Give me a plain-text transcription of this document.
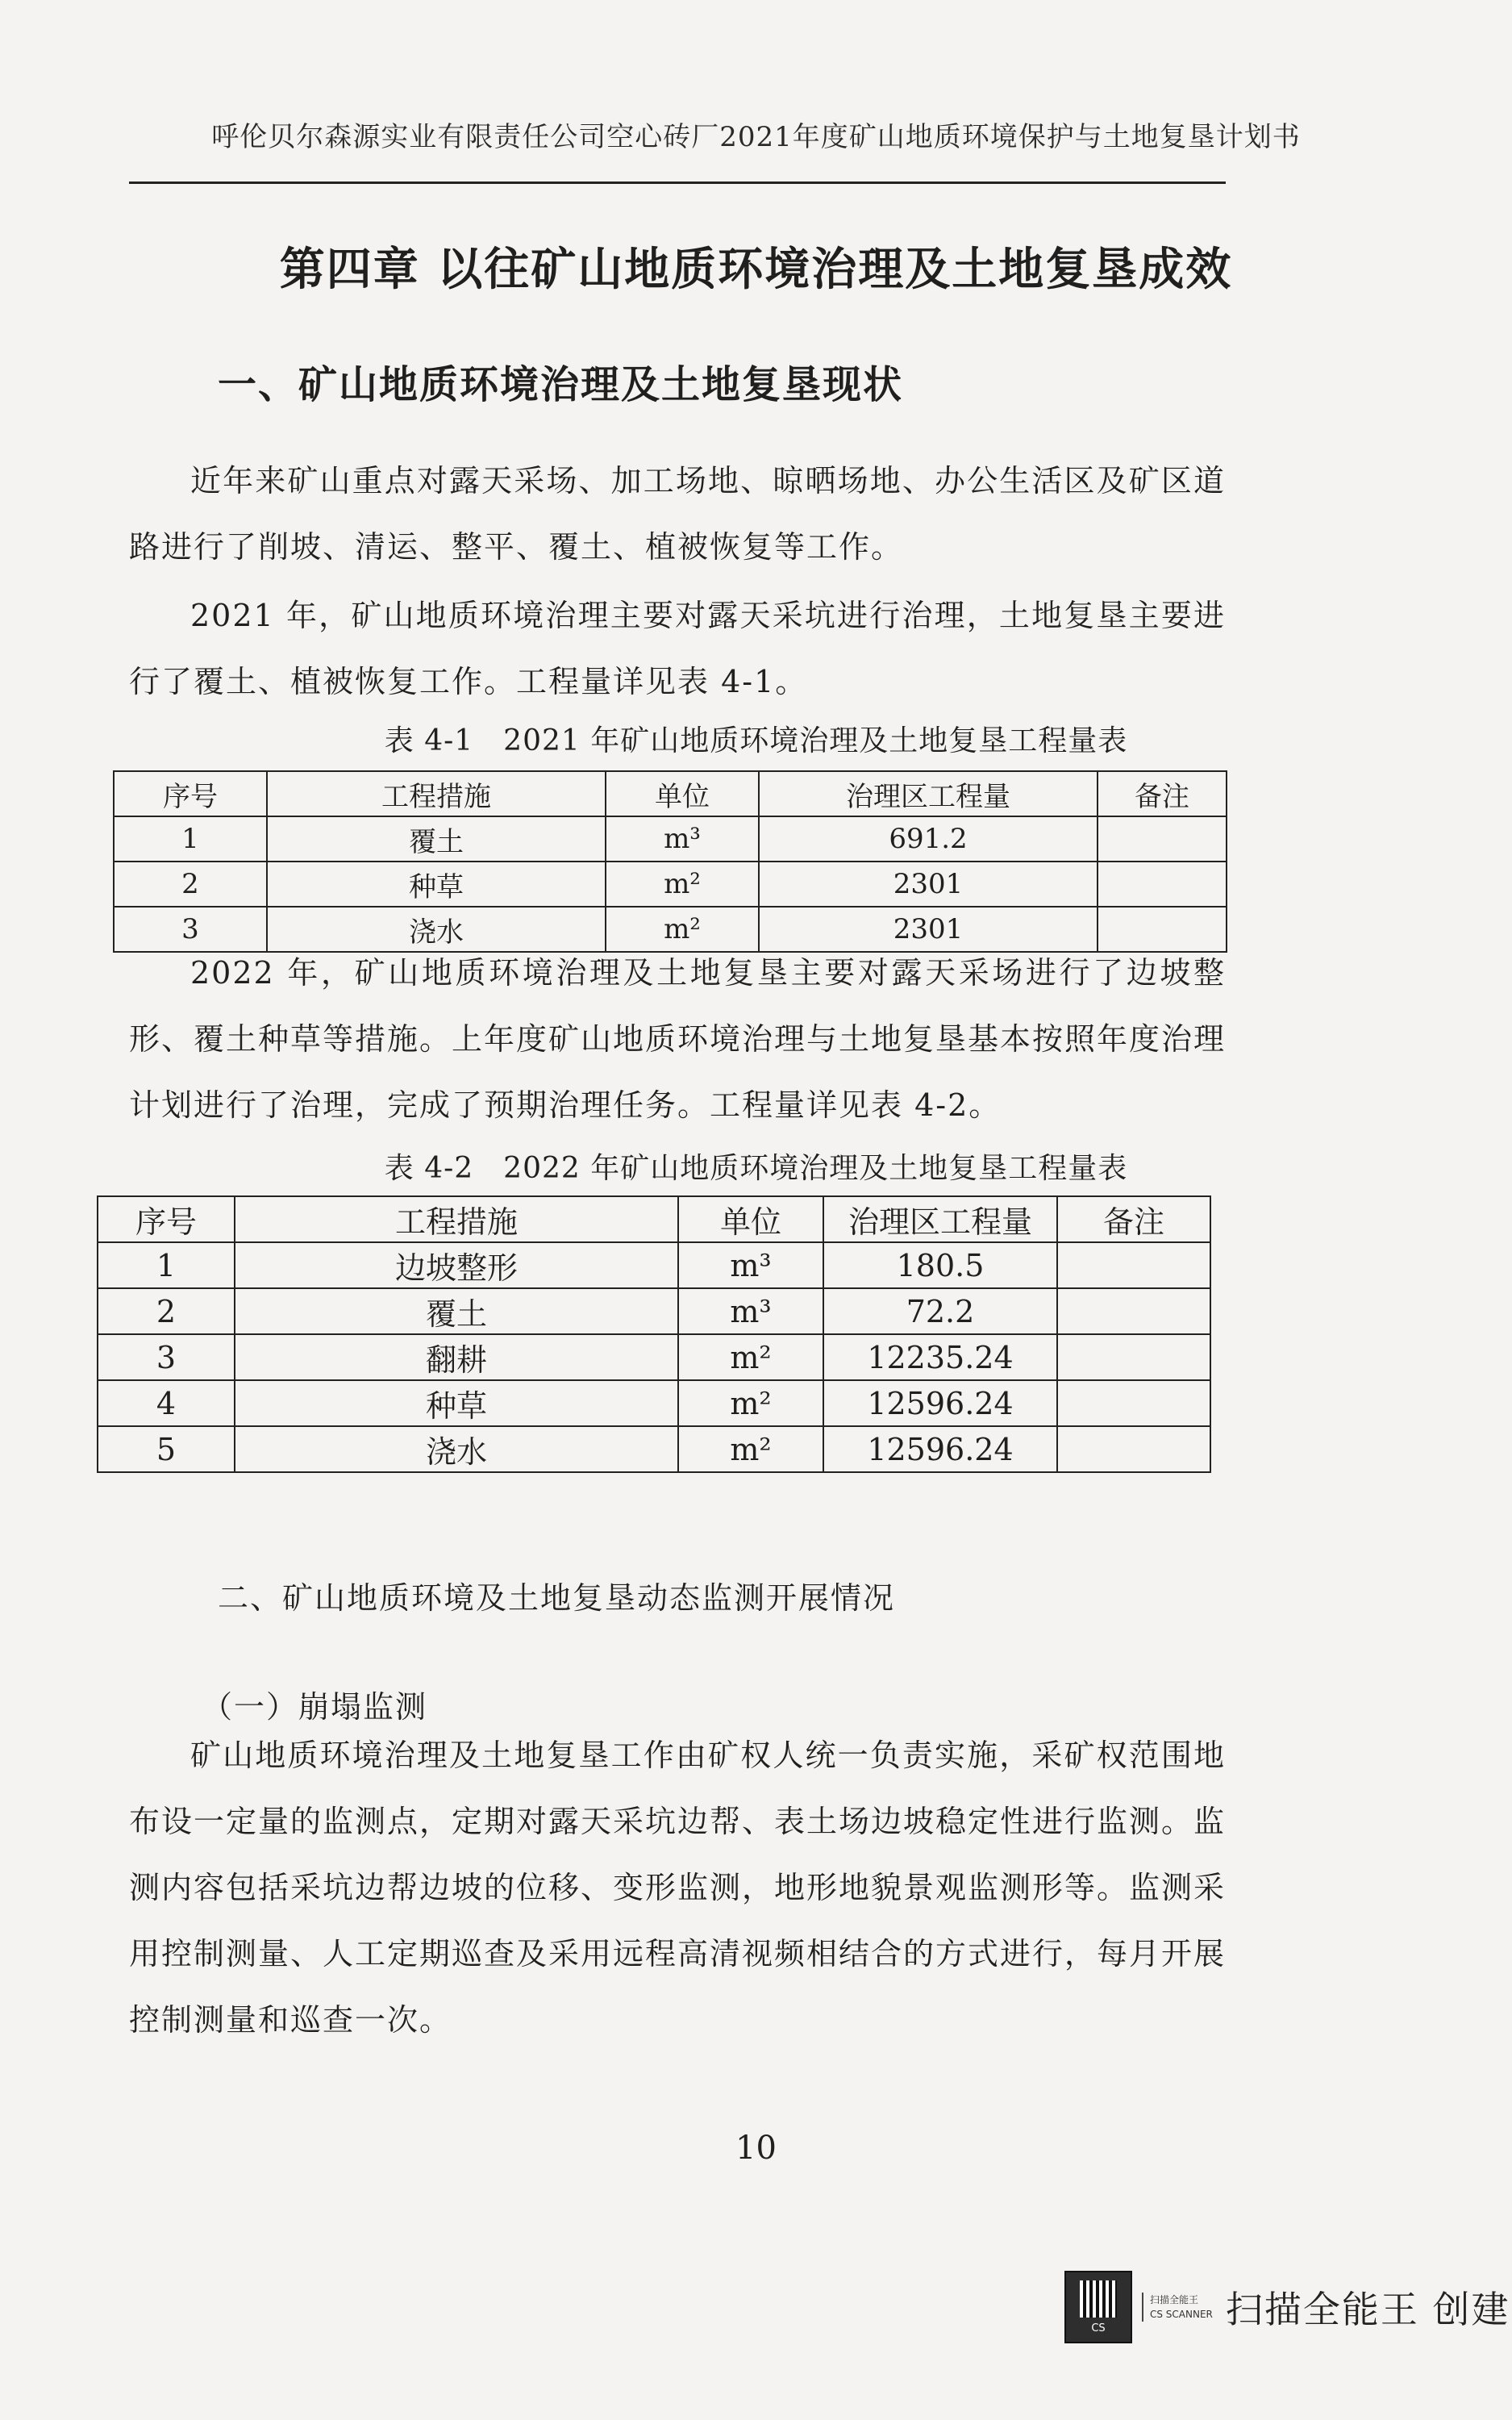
呼伦贝尔森源实业有限责任公司空心砖厂2021年度矿山地质环境保护与土地复垦计划书
第四章 以往矿山地质环境治理及土地复垦成效
一、矿山地质环境治理及土地复垦现状
近年来矿山重点对露天采场、加工场地、晾晒场地、办公生活区及矿区道路进行了削坡、清运、整平、覆土、植被恢复等工作。
2021 年，矿山地质环境治理主要对露天采坑进行治理，土地复垦主要进行了覆土、植被恢复工作。工程量详见表 4-1。
表 4-1　2021 年矿山地质环境治理及土地复垦工程量表
序号	工程措施	单位	治理区工程量	备注
1	覆土	m³	691.2	
2	种草	m²	2301	
3	浇水	m²	2301	
2022 年，矿山地质环境治理及土地复垦主要对露天采场进行了边坡整形、覆土种草等措施。上年度矿山地质环境治理与土地复垦基本按照年度治理计划进行了治理，完成了预期治理任务。工程量详见表 4-2。
表 4-2　2022 年矿山地质环境治理及土地复垦工程量表
序号	工程措施	单位	治理区工程量	备注
1	边坡整形	m³	180.5	
2	覆土	m³	72.2	
3	翻耕	m²	12235.24	
4	种草	m²	12596.24	
5	浇水	m²	12596.24	
二、矿山地质环境及土地复垦动态监测开展情况
（一）崩塌监测
矿山地质环境治理及土地复垦工作由矿权人统一负责实施，采矿权范围地布设一定量的监测点，定期对露天采坑边帮、表土场边坡稳定性进行监测。监测内容包括采坑边帮边坡的位移、变形监测，地形地貌景观监测形等。监测采用控制测量、人工定期巡查及采用远程高清视频相结合的方式进行，每月开展控制测量和巡查一次。
10
CS
扫描全能王
CS SCANNER 扫描全能王 创建
